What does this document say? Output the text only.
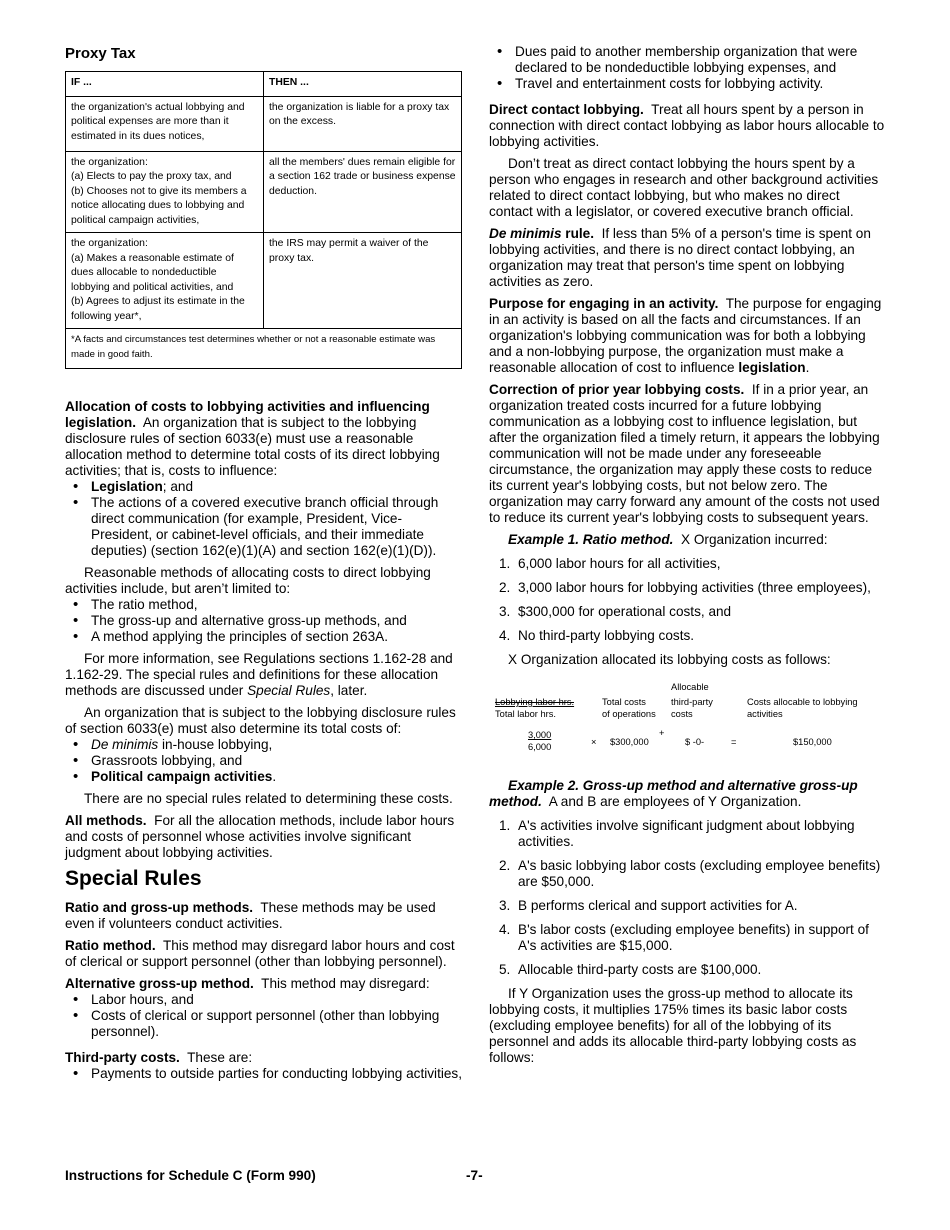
Proxy Tax
IF ...	THEN ...
the organization's actual lobbying and political expenses are more than it estimated in its dues notices,	the organization is liable for a proxy tax on the excess.
the organization:
(a) Elects to pay the proxy tax, and
(b) Chooses not to give its members a notice allocating dues to lobbying and political campaign activities,	all the members' dues remain eligible for a section 162 trade or business expense deduction.
the organization:
(a) Makes a reasonable estimate of dues allocable to nondeductible lobbying and political activities, and
(b) Agrees to adjust its estimate in the following year*,	the IRS may permit a waiver of the proxy tax.
*A facts and circumstances test determines whether or not a reasonable estimate was made in good faith.	

Allocation of costs to lobbying activities and influencing legislation. An organization that is subject to the lobbying disclosure rules of section 6033(e) must use a reasonable allocation method to determine total costs of its direct lobbying activities; that is, costs to influence:

• Legislation; and
• The actions of a covered executive branch official through direct communication (for example, President, Vice-President, or cabinet-level officials, and their immediate deputies) (section 162(e)(1)(A) and section 162(e)(1)(D)).

Reasonable methods of allocating costs to direct lobbying activities include, but aren’t limited to:

• The ratio method,
• The gross-up and alternative gross-up methods, and
• A method applying the principles of section 263A.

For more information, see Regulations sections 1.162-28 and 1.162-29. The special rules and definitions for these allocation methods are discussed under Special Rules, later.

An organization that is subject to the lobbying disclosure rules of section 6033(e) must also determine its total costs of:

• De minimis in-house lobbying,
• Grassroots lobbying, and
• Political campaign activities.

There are no special rules related to determining these costs.

All methods. For all the allocation methods, include labor hours and costs of personnel whose activities involve significant judgment about lobbying activities.

Special Rules

Ratio and gross-up methods. These methods may be used even if volunteers conduct activities.

Ratio method. This method may disregard labor hours and cost of clerical or support personnel (other than lobbying personnel).

Alternative gross-up method. This method may disregard:

• Labor hours, and
• Costs of clerical or support personnel (other than lobbying personnel).

Third-party costs. These are:

• Payments to outside parties for conducting lobbying activities,
• Dues paid to another membership organization that were declared to be nondeductible lobbying expenses, and
• Travel and entertainment costs for lobbying activity.

Direct contact lobbying. Treat all hours spent by a person in connection with direct contact lobbying as labor hours allocable to lobbying activities.

Don’t treat as direct contact lobbying the hours spent by a person who engages in research and other background activities related to direct contact lobbying, but who makes no direct contact with a legislator, or covered executive branch official.

De minimis rule. If less than 5% of a person's time is spent on lobbying activities, and there is no direct contact lobbying, an organization may treat that person's time spent on lobbying activities as zero.

Purpose for engaging in an activity. The purpose for engaging in an activity is based on all the facts and circumstances. If an organization's lobbying communication was for both a lobbying and a non-lobbying purpose, the organization must make a reasonable allocation of cost to influence legislation.

Correction of prior year lobbying costs. If in a prior year, an organization treated costs incurred for a future lobbying communication as a lobbying cost to influence legislation, but after the organization filed a timely return, it appears the lobbying communication will not be made under any foreseeable circumstance, the organization may apply these costs to reduce its current year's lobbying costs, but not below zero. The organization may carry forward any amount of the costs not used to reduce its current year's lobbying costs to subsequent years.

Example 1. Ratio method. X Organization incurred:

1. 6,000 labor hours for all activities,
2. 3,000 labor hours for lobbying activities (three employees),
3. $300,000 for operational costs, and
4. No third-party lobbying costs.

X Organization allocated its lobbying costs as follows:

Allocable
Lobbying labor hrs.
Total labor hrs.
Total costs
of operations
third-party
costs
Costs allocable to lobbying
activities
3,000
6,000	× $300,000
+
$ -0-	=	$150,000

Example 2. Gross-up method and alternative gross-up method. A and B are employees of Y Organization.

1. A's activities involve significant judgment about lobbying activities.
2. A's basic lobbying labor costs (excluding employee benefits) are $50,000.
3. B performs clerical and support activities for A.
4. B's labor costs (excluding employee benefits) in support of A's activities are $15,000.
5. Allocable third-party costs are $100,000.

If Y Organization uses the gross-up method to allocate its lobbying costs, it multiplies 175% times its basic labor costs (excluding employee benefits) for all of the lobbying of its personnel and adds its allocable third-party lobbying costs as follows:

Instructions for Schedule C (Form 990)	-7-
